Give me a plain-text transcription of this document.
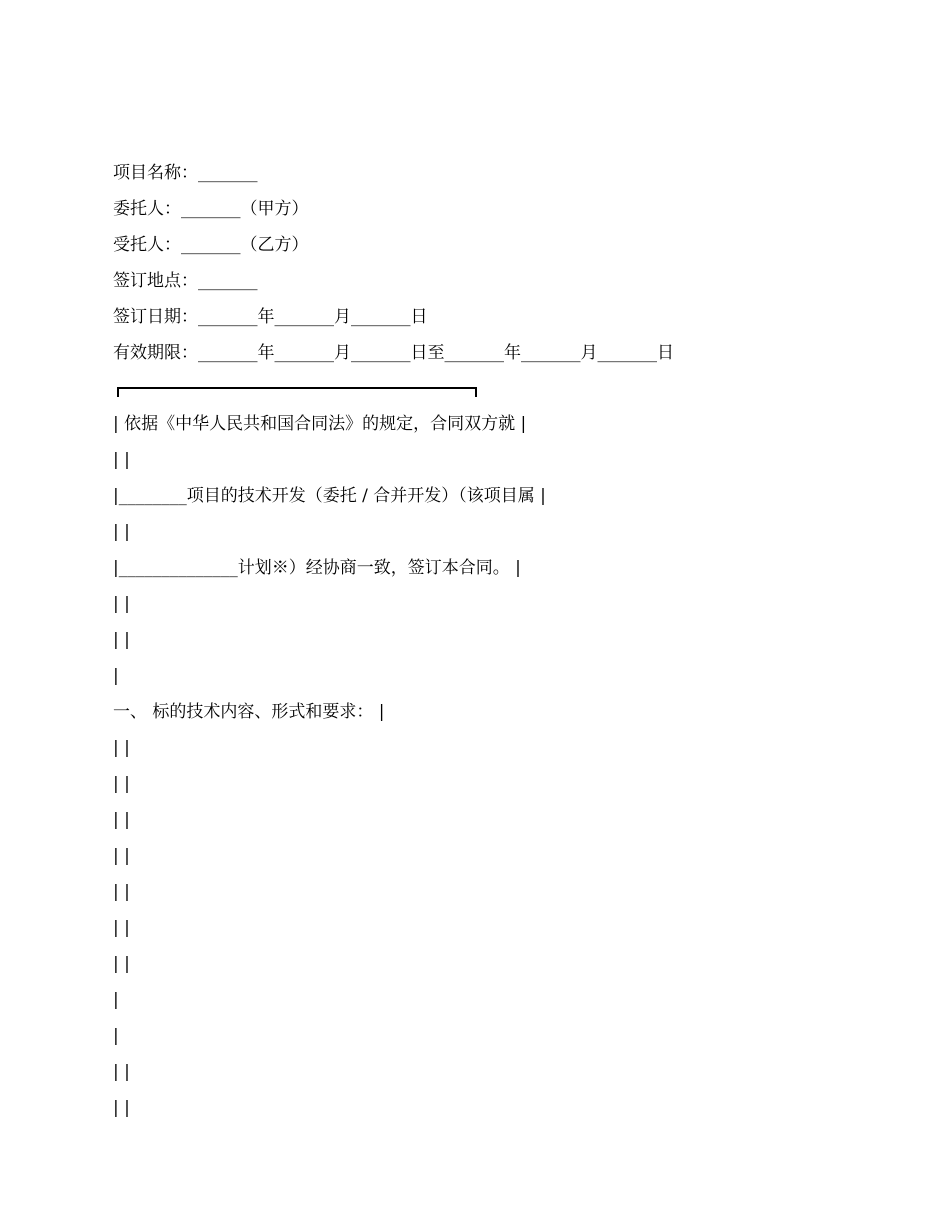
项目名称：_______
委托人：_______（甲方）
受托人：_______（乙方）
签订地点：_______
签订日期：_______年_______月_______日
有效期限：_______年_______月_______日至_______年_______月_______日
| 依据《中华人民共和国合同法》的规定，合同双方就 |
| |
|________项目的技术开发（委托 / 合并开发）（该项目属 |
| |
|______________计划※）经协商一致，签订本合同。 |
| |
| |
|
一、 标的技术内容、形式和要求： |
| |
| |
| |
| |
| |
| |
| |
|
|
| |
| |
